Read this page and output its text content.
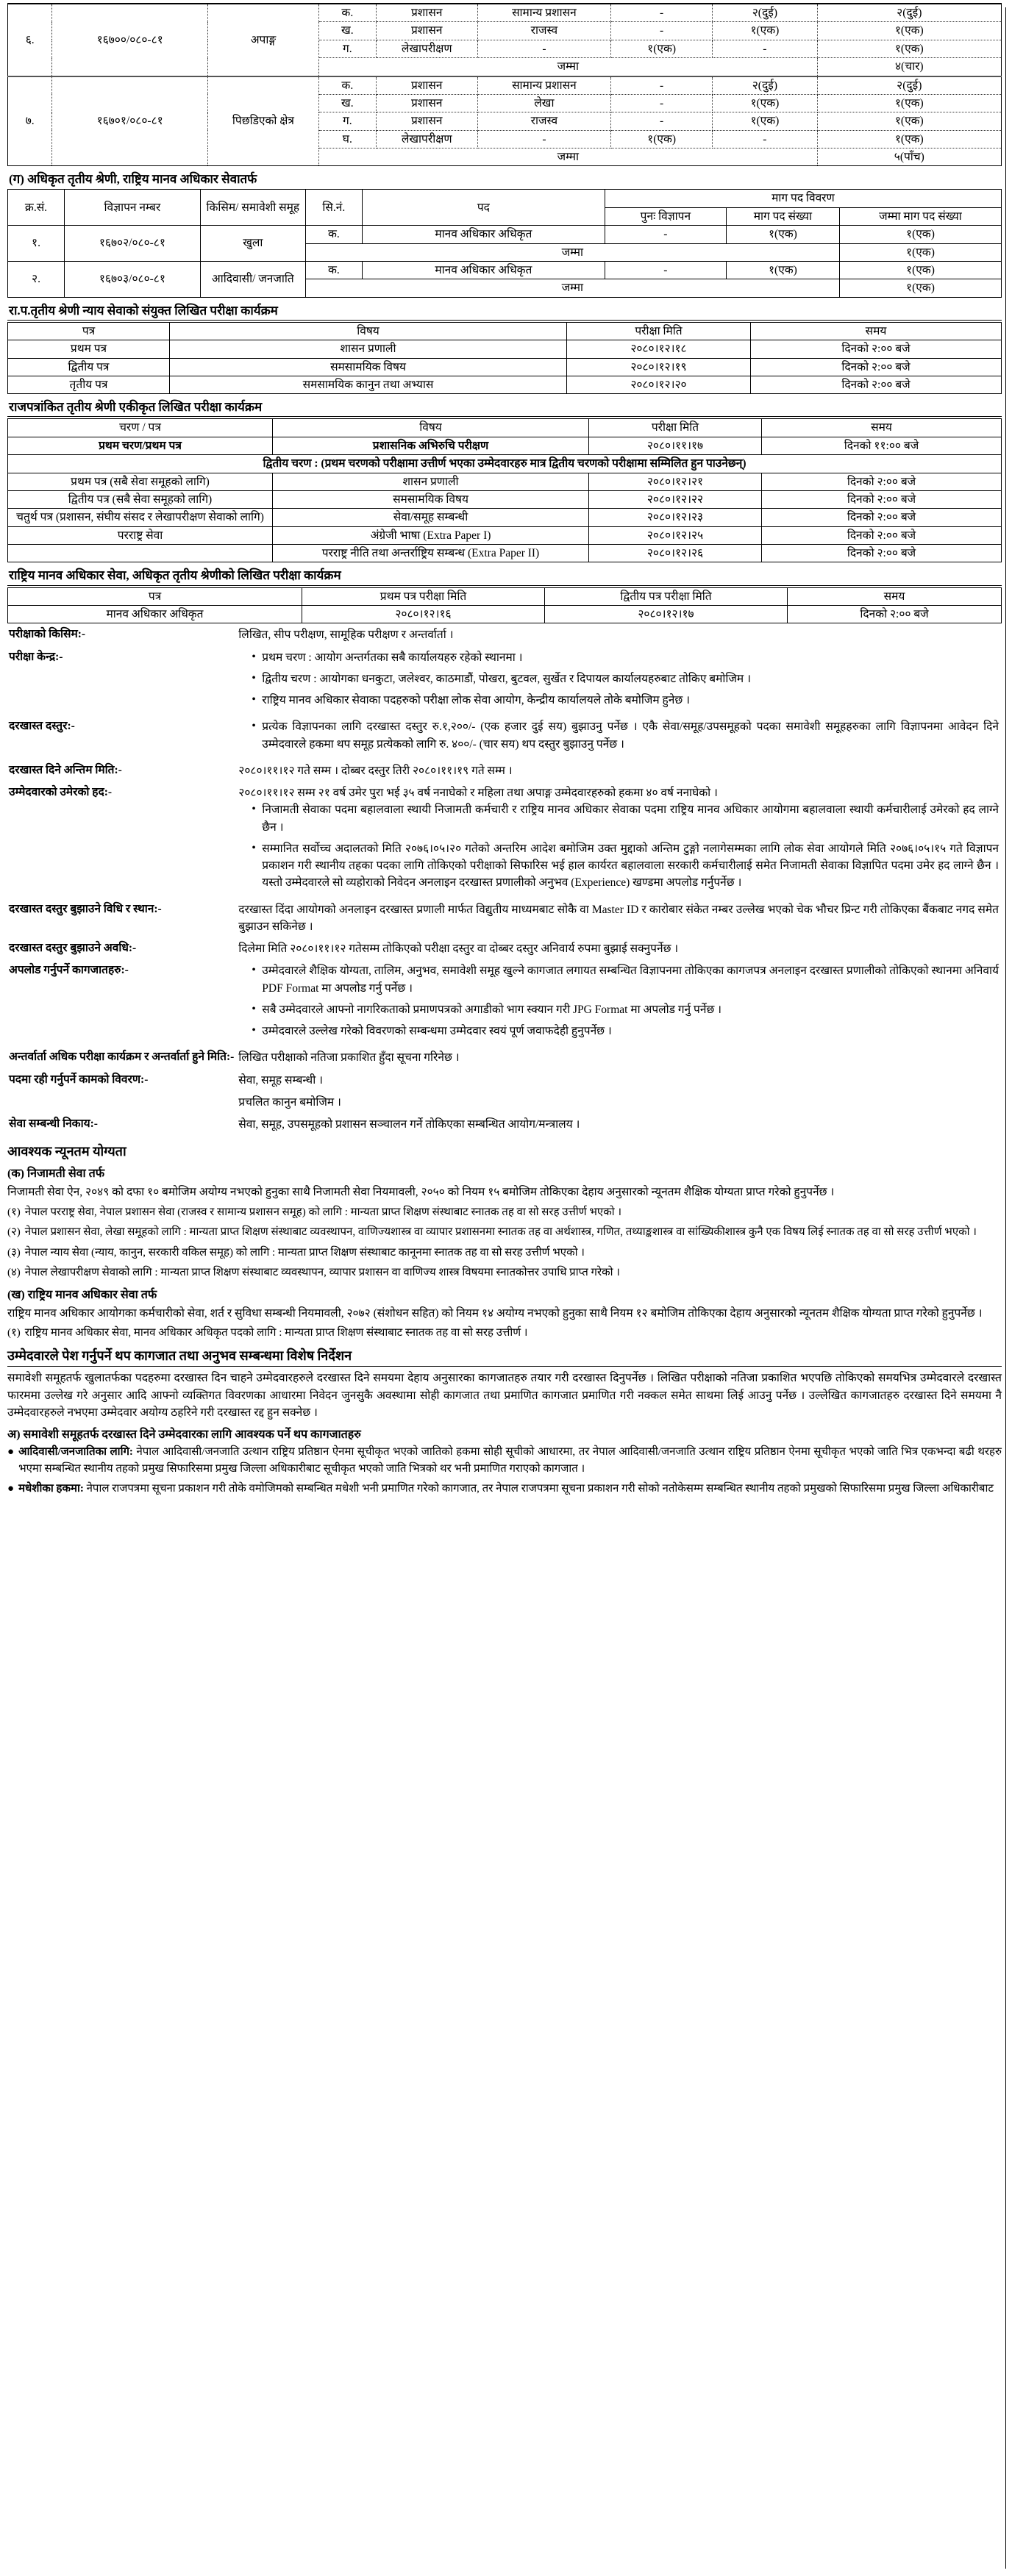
६.	१६७००/०८०-८१	अपाङ्ग	क.	प्रशासन	सामान्य प्रशासन	-	२(दुई)	२(दुई)
			ख.	प्रशासन	राजस्व	-	१(एक)	१(एक)
			ग.	लेखापरीक्षण	-	१(एक)	-	१(एक)
			जम्मा					४(चार)
७.	१६७०१/०८०-८१	पिछडिएको क्षेत्र	क.	प्रशासन	सामान्य प्रशासन	-	२(दुई)	२(दुई)
			ख.	प्रशासन	लेखा	-	१(एक)	१(एक)
			ग.	प्रशासन	राजस्व	-	१(एक)	१(एक)
			घ.	लेखापरीक्षण	-	१(एक)	-	१(एक)
			जम्मा					५(पाँच)
(ग) अधिकृत तृतीय श्रेणी, राष्ट्रिय मानव अधिकार सेवातर्फ
क्र.सं.	विज्ञापन नम्बर	किसिम/ समावेशी समूह	सि.नं.	पद	माग पद विवरण		
					पुनः विज्ञापन	माग पद संख्या	जम्मा माग पद संख्या
१.	१६७०२/०८०-८१	खुला	क.	मानव अधिकार अधिकृत	-	१(एक)	१(एक)
			जम्मा				१(एक)
२.	१६७०३/०८०-८१	आदिवासी/ जनजाति	क.	मानव अधिकार अधिकृत	-	१(एक)	१(एक)
			जम्मा				१(एक)
रा.प.तृतीय श्रेणी न्याय सेवाको संयुक्त लिखित परीक्षा कार्यक्रम
पत्र	विषय	परीक्षा मिति	समय
प्रथम पत्र	शासन प्रणाली	२०८०।१२।१८	दिनको २:०० बजे
द्वितीय पत्र	समसामयिक विषय	२०८०।१२।१९	दिनको २:०० बजे
तृतीय पत्र	समसामयिक कानुन तथा अभ्यास	२०८०।१२।२०	दिनको २:०० बजे
राजपत्रांकित तृतीय श्रेणी एकीकृत लिखित परीक्षा कार्यक्रम
चरण / पत्र	विषय	परीक्षा मिति	समय
प्रथम चरण/प्रथम पत्र	प्रशासनिक अभिरुचि परीक्षण	२०८०।११।१७	दिनको ११:०० बजे
द्वितीय चरण : (प्रथम चरणको परीक्षामा उत्तीर्ण भएका उम्मेदवारहरु मात्र द्वितीय चरणको परीक्षामा सम्मिलित हुन पाउनेछन्)			
प्रथम पत्र (सबै सेवा समूहको लागि)	शासन प्रणाली	२०८०।१२।२१	दिनको २:०० बजे
द्वितीय पत्र (सबै सेवा समूहको लागि)	समसामयिक विषय	२०८०।१२।२२	दिनको २:०० बजे
चतुर्थ पत्र (प्रशासन, संघीय संसद र लेखापरीक्षण सेवाको लागि)	सेवा/समूह सम्बन्धी	२०८०।१२।२३	दिनको २:०० बजे
परराष्ट्र सेवा	अंग्रेजी भाषा (Extra Paper I)	२०८०।१२।२५	दिनको २:०० बजे
	परराष्ट्र नीति तथा अन्तर्राष्ट्रिय सम्बन्ध (Extra Paper II)	२०८०।१२।२६	दिनको २:०० बजे
राष्ट्रिय मानव अधिकार सेवा, अधिकृत तृतीय श्रेणीको लिखित परीक्षा कार्यक्रम
पत्र	प्रथम पत्र परीक्षा मिति	द्वितीय पत्र परीक्षा मिति	समय
मानव अधिकार अधिकृत	२०८०।१२।१६	२०८०।१२।१७	दिनको २:०० बजे
परीक्षाको किसिम:-	लिखित, सीप परीक्षण, सामूहिक परीक्षण र अन्तर्वार्ता ।

परीक्षा केन्द्र:-	
•प्रथम चरण : आयोग अन्तर्गतका सबै कार्यालयहरु रहेको स्थानमा ।
• द्वितीय चरण : आयोगका धनकुटा, जलेश्वर, काठमाडौं, पोखरा, बुटवल, सुर्खेत र दिपायल कार्यालयहरुबाट तोकिए बमोजिम ।
• राष्ट्रिय मानव अधिकार सेवाका पदहरुको परीक्षा लोक सेवा आयोग, केन्द्रीय कार्यालयले तोके बमोजिम हुनेछ ।

दरखास्त दस्तुर:-	
•प्रत्येक विज्ञापनका लागि दरखास्त दस्तुर रु.१,२००/- (एक हजार दुई सय) बुझाउनु पर्नेछ । एकै सेवा/समूह/उपसमूहको पदका समावेशी समूहहरुका लागि विज्ञापनमा आवेदन दिने उम्मेदवारले हकमा थप समूह प्रत्येकको लागि रु. ४००/- (चार सय) थप दस्तुर बुझाउनु पर्नेछ ।

दरखास्त दिने अन्तिम मिति:-	२०८०।११।१२ गते सम्म । दोब्बर दस्तुर तिरी २०८०।११।१९ गते सम्म ।

उम्मेदवारको उमेरको हद:-	२०८०।११।१२ सम्म २१ वर्ष उमेर पुरा भई ३५ वर्ष ननाघेको र महिला तथा अपाङ्ग उम्मेदवारहरुको हकमा ४० वर्ष ननाघेको ।
• निजामती सेवाका पदमा बहालवाला स्थायी निजामती कर्मचारी र राष्ट्रिय मानव अधिकार सेवाका पदमा राष्ट्रिय मानव अधिकार आयोगमा बहालवाला स्थायी कर्मचारीलाई उमेरको हद लाग्ने छैन ।
• सम्मानित सर्वोच्च अदालतको मिति २०७६।०५।२० गतेको अन्तरिम आदेश बमोजिम उक्त मुद्दाको अन्तिम टुङ्गो नलागेसम्मका लागि लोक सेवा आयोगले मिति २०७६।०५।१५ गते विज्ञापन प्रकाशन गरी स्थानीय तहका पदका लागि तोकिएको परीक्षाको सिफारिस भई हाल कार्यरत बहालवाला सरकारी कर्मचारीलाई समेत निजामती सेवाका विज्ञापित पदमा उमेर हद लाग्ने छैन । यस्तो उम्मेदवारले सो व्यहोराको निवेदन अनलाइन दरखास्त प्रणालीको अनुभव (Experience) खण्डमा अपलोड गर्नुपर्नेछ ।

दरखास्त दस्तुर बुझाउने विधि र स्थान:-	दरखास्त दिंदा आयोगको अनलाइन दरखास्त प्रणाली मार्फत विद्युतीय माध्यमबाट सोकै वा Master ID र कारोबार संकेत नम्बर उल्लेख भएको चेक भौचर प्रिन्ट गरी तोकिएका बैंकबाट नगद समेत बुझाउन सकिनेछ ।

दरखास्त दस्तुर बुझाउने अवधि:-	दिलेमा मिति २०८०।११।१२ गतेसम्म तोकिएको परीक्षा दस्तुर वा दोब्बर दस्तुर अनिवार्य रुपमा बुझाई सक्नुपर्नेछ ।

अपलोड गर्नुपर्ने कागजातहरु:-	
•उम्मेदवारले शैक्षिक योग्यता, तालिम, अनुभव, समावेशी समूह खुल्ने कागजात लगायत सम्बन्धित विज्ञापनमा तोकिएका कागजपत्र अनलाइन दरखास्त प्रणालीको तोकिएको स्थानमा अनिवार्य PDF Format मा अपलोड गर्नु पर्नेछ ।
• सबै उम्मेदवारले आफ्नो नागरिकताको प्रमाणपत्रको अगाडीको भाग स्क्यान गरी JPG Format मा अपलोड गर्नु पर्नेछ ।
• उम्मेदवारले उल्लेख गरेको विवरणको सम्बन्धमा उम्मेदवार स्वयं पूर्ण जवाफदेही हुनुपर्नेछ ।

अन्तर्वार्ता अधिक परीक्षा कार्यक्रम र अन्तर्वार्ता हुने मिति:-	लिखित परीक्षाको नतिजा प्रकाशित हुँदा सूचना गरिनेछ ।

पदमा रही गर्नुपर्ने कामको विवरण:-	सेवा, समूह सम्बन्धी ।

	प्रचलित कानुन बमोजिम ।

सेवा सम्बन्धी निकाय:-	सेवा, समूह, उपसमूहको प्रशासन सञ्चालन गर्ने तोकिएका सम्बन्धित आयोग/मन्त्रालय ।
आवश्यक न्यूनतम योग्यता
(क) निजामती सेवा तर्फ
निजामती सेवा ऐन, २०४९ को दफा १० बमोजिम अयोग्य नभएको हुनुका साथै निजामती सेवा नियमावली, २०५० को नियम १५ बमोजिम तोकिएका देहाय अनुसारको न्यूनतम शैक्षिक योग्यता प्राप्त गरेको हुनुपर्नेछ ।
(१) नेपाल परराष्ट्र सेवा, नेपाल प्रशासन सेवा (राजस्व र सामान्य प्रशासन समूह) को लागि : मान्यता प्राप्त शिक्षण संस्थाबाट स्नातक तह वा सो सरह उत्तीर्ण भएको ।
(२) नेपाल प्रशासन सेवा, लेखा समूहको लागि : मान्यता प्राप्त शिक्षण संस्थाबाट व्यवस्थापन, वाणिज्यशास्त्र वा व्यापार प्रशासनमा स्नातक तह वा अर्थशास्त्र, गणित, तथ्याङ्कशास्त्र वा सांख्यिकीशास्त्र कुनै एक विषय लिई स्नातक तह वा सो सरह उत्तीर्ण भएको ।
(३) नेपाल न्याय सेवा (न्याय, कानुन, सरकारी वकिल समूह) को लागि : मान्यता प्राप्त शिक्षण संस्थाबाट कानूनमा स्नातक तह वा सो सरह उत्तीर्ण भएको ।
(४) नेपाल लेखापरीक्षण सेवाको लागि : मान्यता प्राप्त शिक्षण संस्थाबाट व्यवस्थापन, व्यापार प्रशासन वा वाणिज्य शास्त्र विषयमा स्नातकोत्तर उपाधि प्राप्त गरेको ।
(ख) राष्ट्रिय मानव अधिकार सेवा तर्फ
राष्ट्रिय मानव अधिकार आयोगका कर्मचारीको सेवा, शर्त र सुविधा सम्बन्धी नियमावली, २०७२ (संशोधन सहित) को नियम १४ अयोग्य नभएको हुनुका साथै नियम १२ बमोजिम तोकिएका देहाय अनुसारको न्यूनतम शैक्षिक योग्यता प्राप्त गरेको हुनुपर्नेछ ।
(१) राष्ट्रिय मानव अधिकार सेवा, मानव अधिकार अधिकृत पदको लागि : मान्यता प्राप्त शिक्षण संस्थाबाट स्नातक तह वा सो सरह उत्तीर्ण ।
उम्मेदवारले पेश गर्नुपर्ने थप कागजात तथा अनुभव सम्बन्धमा विशेष निर्देशन
समावेशी समूहतर्फ खुलातर्फका पदहरुमा दरखास्त दिन चाहने उम्मेदवारहरुले दरखास्त दिने समयमा देहाय अनुसारका कागजातहरु तयार गरी दरखास्त दिनुपर्नेछ । लिखित परीक्षाको नतिजा प्रकाशित भएपछि तोकिएको समयभित्र उम्मेदवारले दरखास्त फारममा उल्लेख गरे अनुसार आदि आफ्नो व्यक्तिगत विवरणका आधारमा निवेदन जुनसुकै अवस्थामा सोही कागजात तथा प्रमाणित कागजात प्रमाणित गरी नक्कल समेत साथमा लिई आउनु पर्नेछ । उल्लेखित कागजातहरु दरखास्त दिने समयमा नै उम्मेदवारहरुले नभएमा उम्मेदवार अयोग्य ठहरिने गरी दरखास्त रद्द हुन सक्नेछ ।
अ) समावेशी समूहतर्फ दरखास्त दिने उम्मेदवारका लागि आवश्यक पर्ने थप कागजातहरु
● आदिवासी/जनजातिका लागि: नेपाल आदिवासी/जनजाति उत्थान राष्ट्रिय प्रतिष्ठान ऐनमा सूचीकृत भएको जातिको हकमा सोही सूचीको आधारमा, तर नेपाल आदिवासी/जनजाति उत्थान राष्ट्रिय प्रतिष्ठान ऐनमा सूचीकृत भएको जाति भित्र एकभन्दा बढी थरहरु भएमा सम्बन्धित स्थानीय तहको प्रमुख सिफारिसमा प्रमुख जिल्ला अधिकारीबाट सूचीकृत भएको जाति भित्रको थर भनी प्रमाणित गराएको कागजात ।
● मधेशीका हकमा: नेपाल राजपत्रमा सूचना प्रकाशन गरी तोके वमोजिमको सम्बन्धित मधेशी भनी प्रमाणित गरेको कागजात, तर नेपाल राजपत्रमा सूचना प्रकाशन गरी सोको नतोकेसम्म सम्बन्धित स्थानीय तहको प्रमुखको सिफारिसमा प्रमुख जिल्ला अधिकारीबाट
